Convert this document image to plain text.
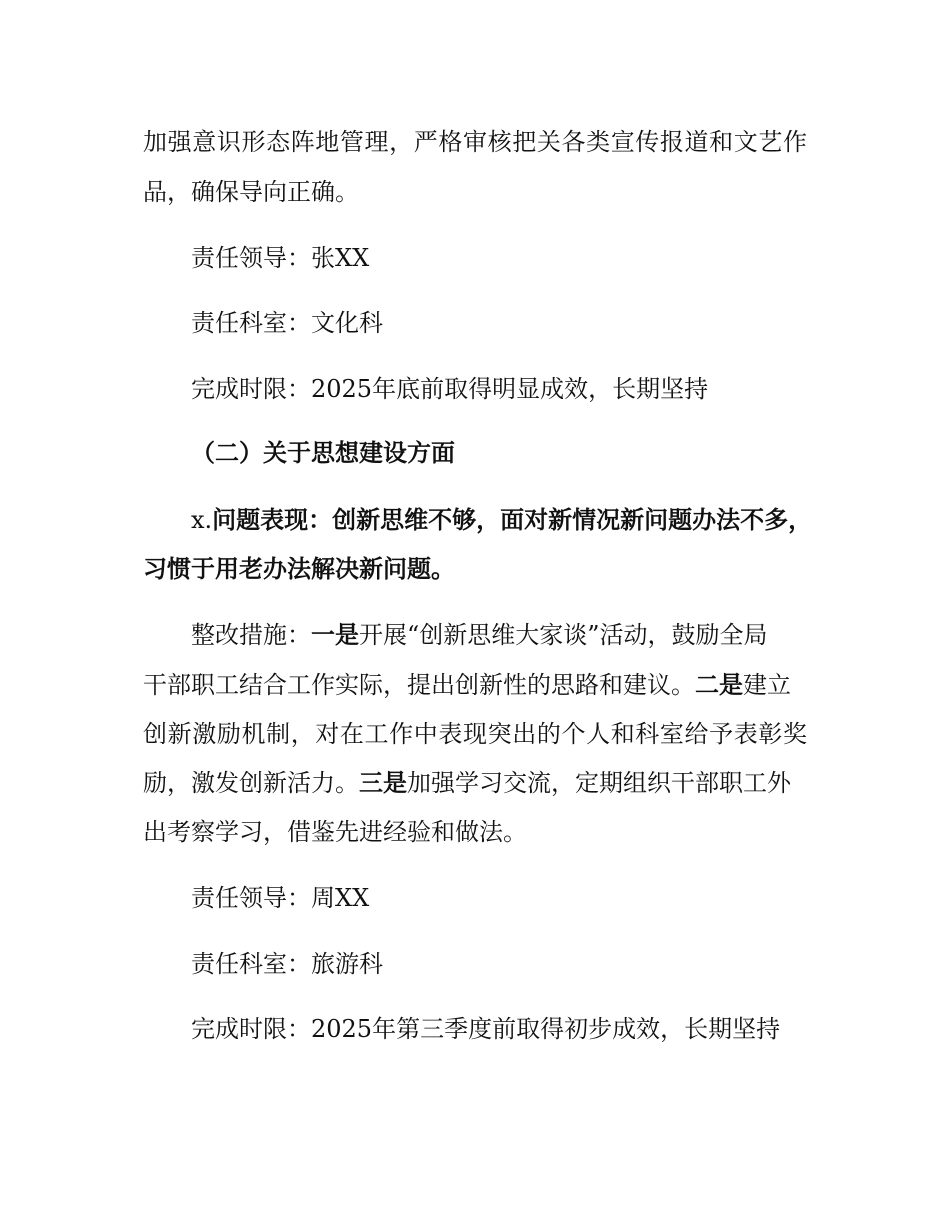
加强意识形态阵地管理，严格审核把关各类宣传报道和文艺作
品，确保导向正确。
责任领导：张XX
责任科室：文化科
完成时限：2025年底前取得明显成效，长期坚持
（二）关于思想建设方面
x.问题表现：创新思维不够，面对新情况新问题办法不多，
习惯于用老办法解决新问题。
整改措施：一是开展“创新思维大家谈”活动，鼓励全局
干部职工结合工作实际，提出创新性的思路和建议。二是建立
创新激励机制，对在工作中表现突出的个人和科室给予表彰奖
励，激发创新活力。三是加强学习交流，定期组织干部职工外
出考察学习，借鉴先进经验和做法。
责任领导：周XX
责任科室：旅游科
完成时限：2025年第三季度前取得初步成效，长期坚持
